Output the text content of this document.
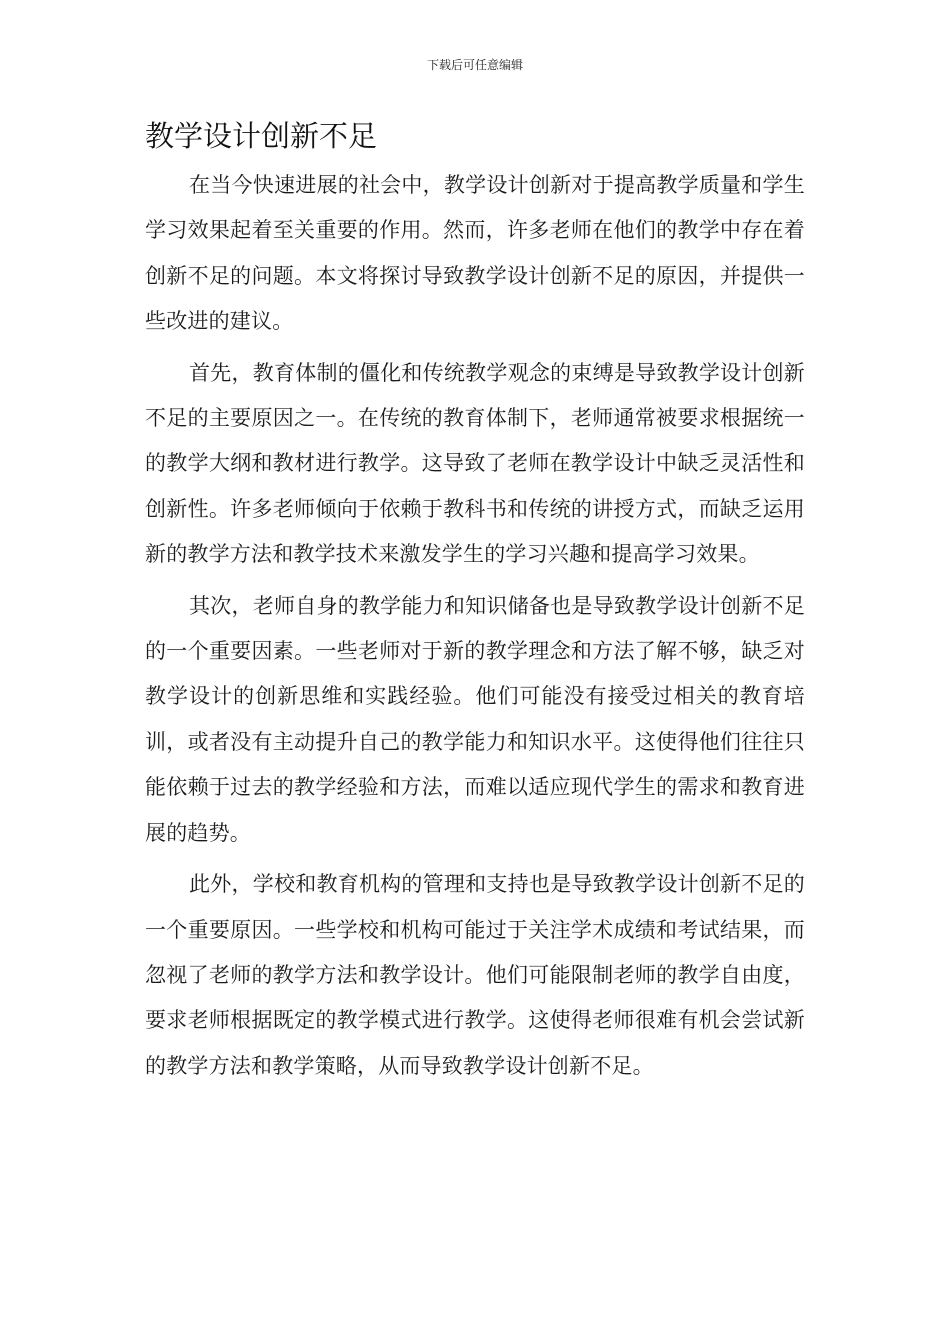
下载后可任意编辑
教学设计创新不足

在当今快速进展的社会中，教学设计创新对于提高教学质量和学生学习效果起着至关重要的作用。然而，许多老师在他们的教学中存在着创新不足的问题。本文将探讨导致教学设计创新不足的原因，并提供一些改进的建议。

首先，教育体制的僵化和传统教学观念的束缚是导致教学设计创新不足的主要原因之一。在传统的教育体制下，老师通常被要求根据统一的教学大纲和教材进行教学。这导致了老师在教学设计中缺乏灵活性和创新性。许多老师倾向于依赖于教科书和传统的讲授方式，而缺乏运用新的教学方法和教学技术来激发学生的学习兴趣和提高学习效果。

其次，老师自身的教学能力和知识储备也是导致教学设计创新不足的一个重要因素。一些老师对于新的教学理念和方法了解不够，缺乏对教学设计的创新思维和实践经验。他们可能没有接受过相关的教育培训，或者没有主动提升自己的教学能力和知识水平。这使得他们往往只能依赖于过去的教学经验和方法，而难以适应现代学生的需求和教育进展的趋势。

此外，学校和教育机构的管理和支持也是导致教学设计创新不足的一个重要原因。一些学校和机构可能过于关注学术成绩和考试结果，而忽视了老师的教学方法和教学设计。他们可能限制老师的教学自由度，要求老师根据既定的教学模式进行教学。这使得老师很难有机会尝试新的教学方法和教学策略，从而导致教学设计创新不足。
